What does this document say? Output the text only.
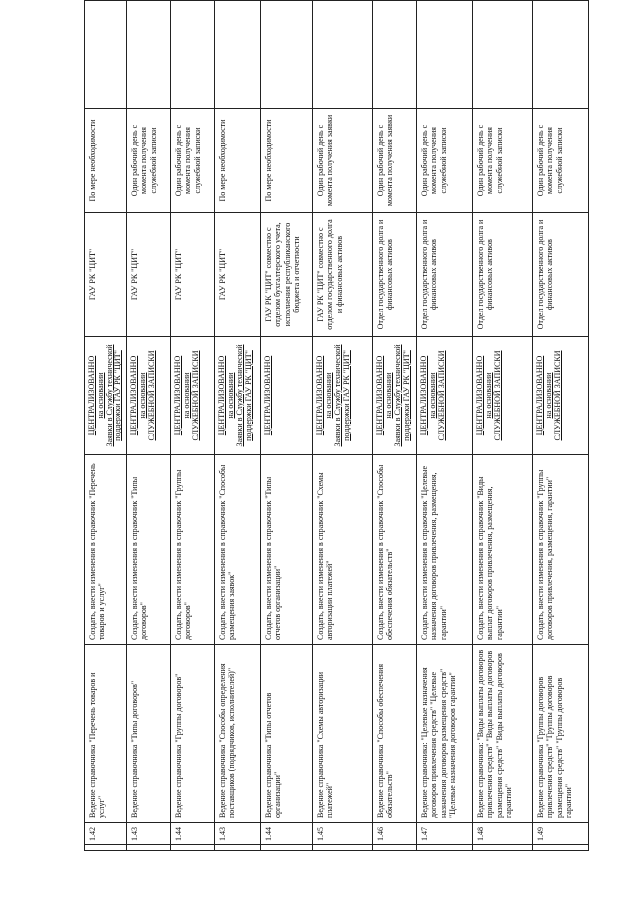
	1.42	Ведение справочника "Перечень товаров и услуг"	Создать, внести изменения в справочник "Перечень товаров и услуг"	ЦЕНТРАЛИЗОВАННО на основании Заявки в Службу технической поддержки ГАУ РК "ЦИТ"	ГАУ РК "ЦИТ"	По мере необходимости	
	1.43	Ведение справочника "Типы договоров"	Создать, внести изменения в справочник "Типы договоров"	ЦЕНТРАЛИЗОВАННО на основании СЛУЖЕБНОЙ ЗАПИСКИ	ГАУ РК "ЦИТ"	Один рабочий день с момента получения служебной записки	
	1.44	Ведение справочника "Группы договоров"	Создать, внести изменения в справочник "Группы договоров"	ЦЕНТРАЛИЗОВАННО на основании СЛУЖЕБНОЙ ЗАПИСКИ	ГАУ РК "ЦИТ"	Один рабочий день с момента получения служебной записки	
	1.43	Ведение справочника "Способы определения поставщиков (подрядчиков, исполнителей)"	Создать, внести изменения в справочник "Способы размещения заявок"	ЦЕНТРАЛИЗОВАННО на основании Заявки в Службу технической поддержки ГАУ РК "ЦИТ"	ГАУ РК "ЦИТ"	По мере необходимости	
	1.44	Ведение справочника "Типы отчетов организации"	Создать, внести изменения в справочник "Типы отчетов организации"	ЦЕНТРАЛИЗОВАННО	ГАУ РК "ЦИТ" совместно с отделом бухгалтерского учета, исполнения республиканского бюджета и отчетности	По мере необходимости	
	1.45	Ведение справочника "Схемы авторизации платежей"	Создать, внести изменения в справочник "Схемы авторизации платежей"	ЦЕНТРАЛИЗОВАННО на основании Заявки в Службу технической поддержки ГАУ РК "ЦИТ"	ГАУ РК "ЦИТ" совместно с отделом государственного долга и финансовых активов	Один рабочий день с момента получения заявки	
	1.46	Ведение справочника "Способы обеспечения обязательств"	Создать, внести изменения в справочник "Способы обеспечения обязательств"	ЦЕНТРАЛИЗОВАННО на основании Заявки в Службу технической поддержки ГАУ РК "ЦИТ"	Отдел государственного долга и финансовых активов	Один рабочий день с момента получения заявки	
	1.47	Ведение справочника: "Целевые назначения договоров привлечения средств" "Целевые назначения договоров размещения средств" "Целевые назначения договоров гарантии"	Создать, внести изменения в справочник "Целевые назначения договоров привлечения, размещения, гарантии"	ЦЕНТРАЛИЗОВАННО на основании СЛУЖЕБНОЙ ЗАПИСКИ	Отдел государственного долга и финансовых активов	Один рабочий день с момента получения служебной записки	
	1.48	Ведение справочника: "Виды выплаты договоров привлечения средств" "Виды выплаты договоров размещения средств" "Виды выплаты договоров гарантии"	Создать, внести изменения в справочник "Виды выплат договоров привлечения, размещения, гарантии"	ЦЕНТРАЛИЗОВАННО на основании СЛУЖЕБНОЙ ЗАПИСКИ	Отдел государственного долга и финансовых активов	Один рабочий день с момента получения служебной записки	
	1.49	Ведение справочника "Группы договоров привлечения средств" "Группы договоров размещения средств" "Группы договоров гарантии"	Создать, внести изменения в справочник "Группы договоров привлечения, размещения, гарантии"	ЦЕНТРАЛИЗОВАННО на основании СЛУЖЕБНОЙ ЗАПИСКИ	Отдел государственного долга и финансовых активов	Один рабочий день с момента получения служебной записки	
